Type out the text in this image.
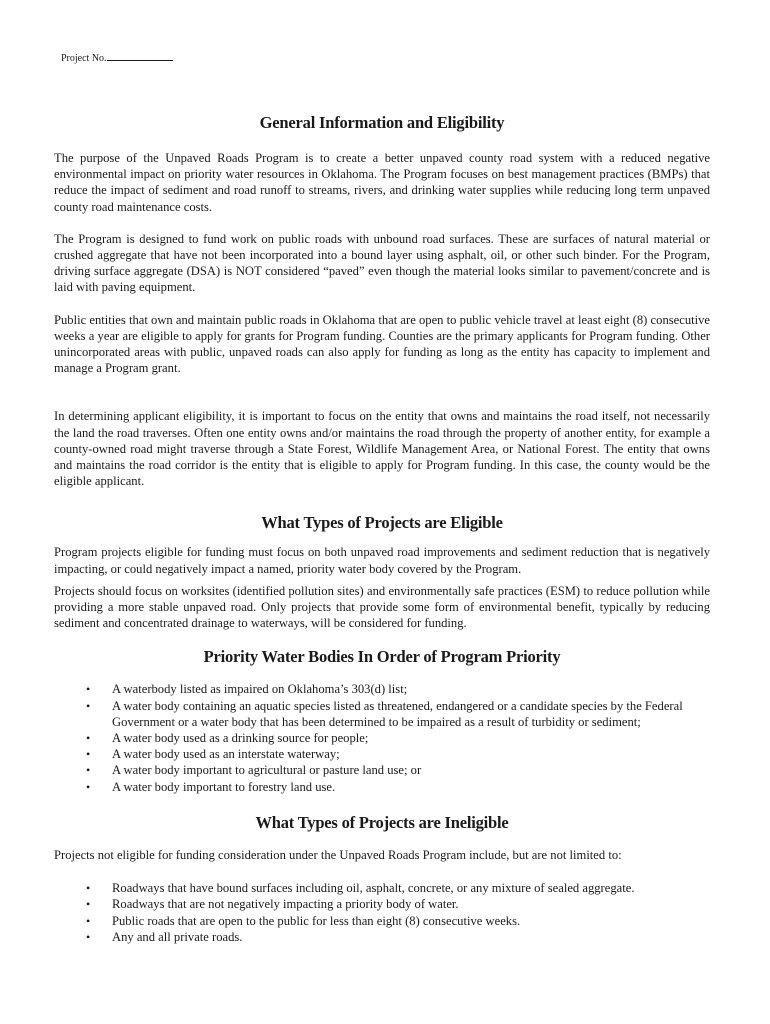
Project No.
General Information and Eligibility

The purpose of the Unpaved Roads Program is to create a better unpaved county road system with a reduced negative environmental impact on priority water resources in Oklahoma. The Program focuses on best management practices (BMPs) that reduce the impact of sediment and road runoff to streams, rivers, and drinking water supplies while reducing long term unpaved county road maintenance costs.

The Program is designed to fund work on public roads with unbound road surfaces. These are surfaces of natural material or crushed aggregate that have not been incorporated into a bound layer using asphalt, oil, or other such binder. For the Program, driving surface aggregate (DSA) is NOT considered “paved” even though the material looks similar to pavement/concrete and is laid with paving equipment.

Public entities that own and maintain public roads in Oklahoma that are open to public vehicle travel at least eight (8) consecutive weeks a year are eligible to apply for grants for Program funding. Counties are the primary applicants for Program funding. Other unincorporated areas with public, unpaved roads can also apply for funding as long as the entity has capacity to implement and manage a Program grant.

In determining applicant eligibility, it is important to focus on the entity that owns and maintains the road itself, not necessarily the land the road traverses. Often one entity owns and/or maintains the road through the property of another entity, for example a county-owned road might traverse through a State Forest, Wildlife Management Area, or National Forest. The entity that owns and maintains the road corridor is the entity that is eligible to apply for Program funding. In this case, the county would be the eligible applicant.

What Types of Projects are Eligible

Program projects eligible for funding must focus on both unpaved road improvements and sediment reduction that is negatively impacting, or could negatively impact a named, priority water body covered by the Program.

Projects should focus on worksites (identified pollution sites) and environmentally safe practices (ESM) to reduce pollution while providing a more stable unpaved road. Only projects that provide some form of environmental benefit, typically by reducing sediment and concentrated drainage to waterways, will be considered for funding.

Priority Water Bodies In Order of Program Priority
• A waterbody listed as impaired on Oklahoma’s 303(d) list;
• A water body containing an aquatic species listed as threatened, endangered or a candidate species by the Federal Government or a water body that has been determined to be impaired as a result of turbidity or sediment;
• A water body used as a drinking source for people;
• A water body used as an interstate waterway;
• A water body important to agricultural or pasture land use; or
• A water body important to forestry land use.
What Types of Projects are Ineligible

Projects not eligible for funding consideration under the Unpaved Roads Program include, but are not limited to:

• Roadways that have bound surfaces including oil, asphalt, concrete, or any mixture of sealed aggregate.
• Roadways that are not negatively impacting a priority body of water.
• Public roads that are open to the public for less than eight (8) consecutive weeks.
• Any and all private roads.
